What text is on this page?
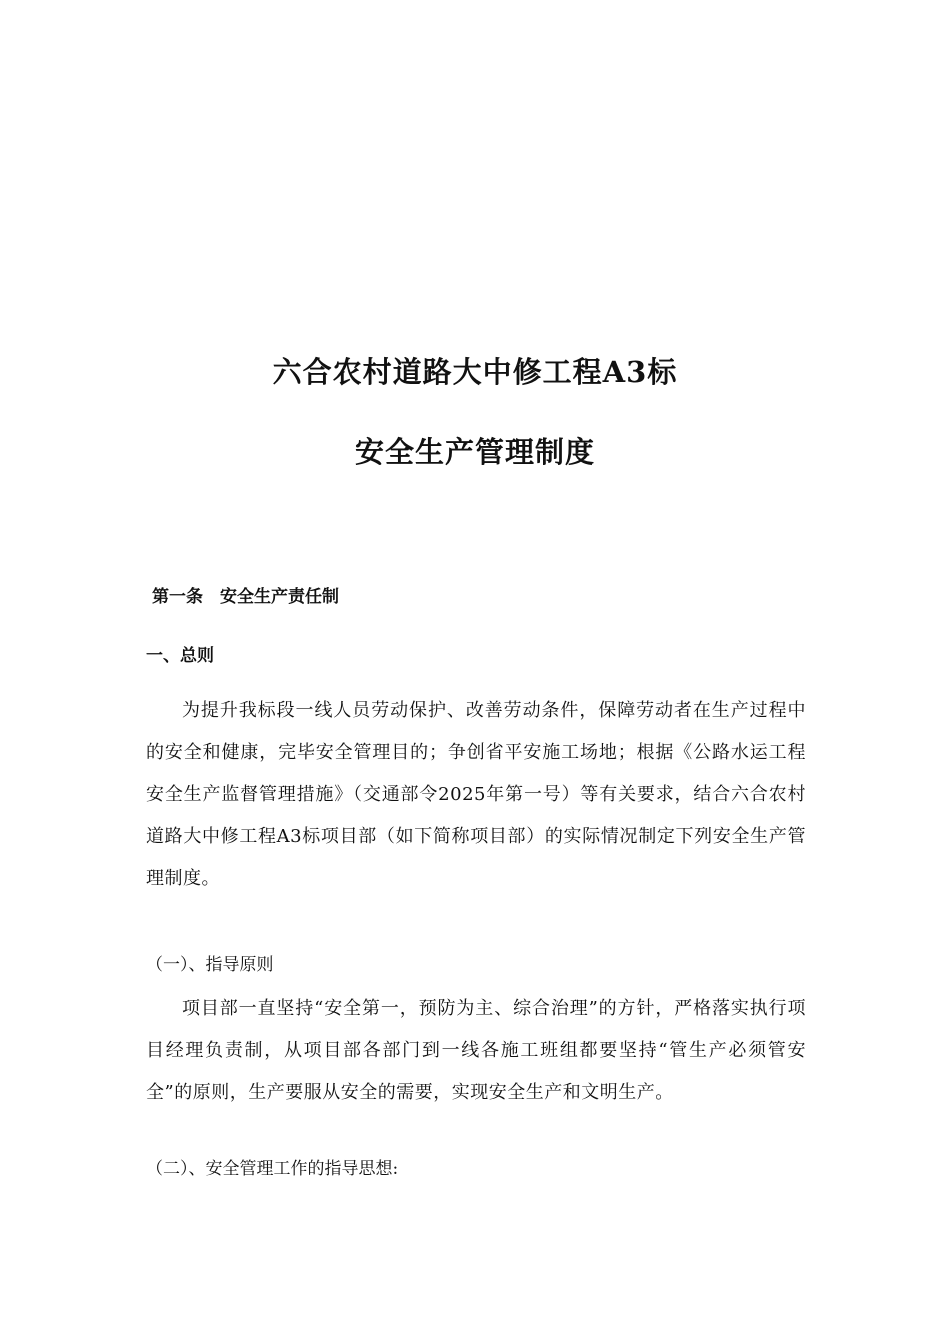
六合农村道路大中修工程A3标
安全生产管理制度
第一条　安全生产责任制
一、总则
为提升我标段一线人员劳动保护、改善劳动条件，保障劳动者在生产过程中的安全和健康，完毕安全管理目的；争创省平安施工场地；根据《公路水运工程安全生产监督管理措施》（交通部令2025年第一号）等有关要求，结合六合农村道路大中修工程A3标项目部（如下简称项目部）的实际情况制定下列安全生产管理制度。
（一）、指导原则
项目部一直坚持“安全第一，预防为主、综合治理”的方针，严格落实执行项目经理负责制，从项目部各部门到一线各施工班组都要坚持“管生产必须管安全”的原则，生产要服从安全的需要，实现安全生产和文明生产。
（二）、安全管理工作的指导思想:
